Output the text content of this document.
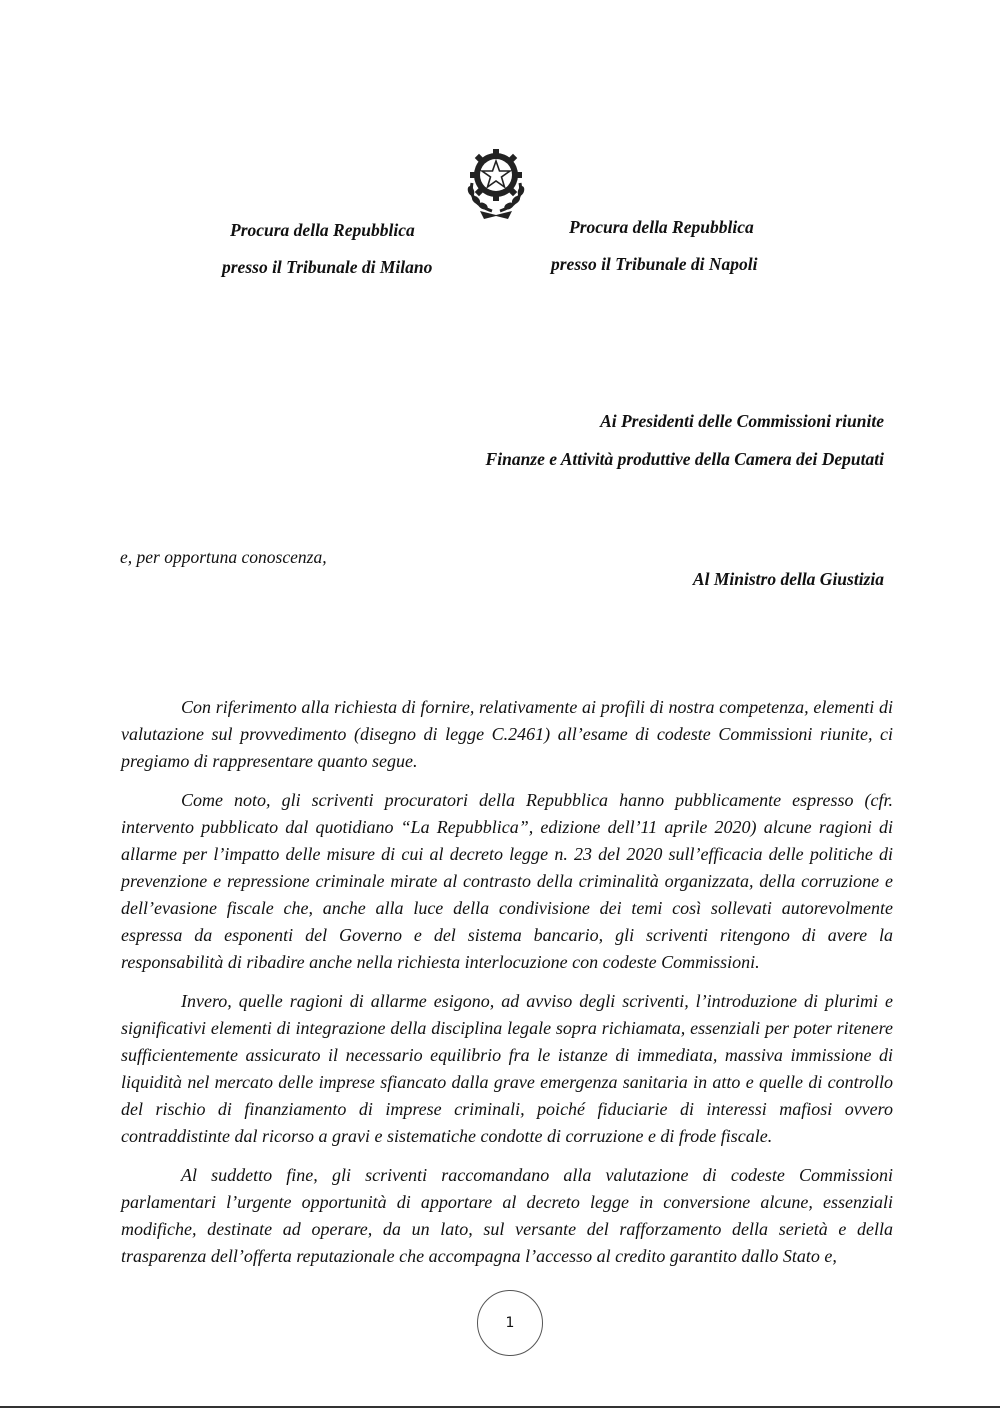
Procura della Repubblica
presso il Tribunale di Milano
Procura della Repubblica
presso il Tribunale di Napoli
Ai Presidenti delle Commissioni riunite
Finanze e Attività produttive della Camera dei Deputati
e, per opportuna conoscenza,
Al Ministro della Giustizia

Con riferimento alla richiesta di fornire, relativamente ai profili di nostra competenza, elementi di valutazione sul provvedimento (disegno di legge C.2461) all’esame di codeste Commissioni riunite, ci pregiamo di rappresentare quanto segue.

Come noto, gli scriventi procuratori della Repubblica hanno pubblicamente espresso (cfr. intervento pubblicato dal quotidiano “La Repubblica”, edizione dell’11 aprile 2020) alcune ragioni di allarme per l’impatto delle misure di cui al decreto legge n. 23 del 2020 sull’efficacia delle politiche di prevenzione e repressione criminale mirate al contrasto della criminalità organizzata, della corruzione e dell’evasione fiscale che, anche alla luce della condivisione dei temi così sollevati autorevolmente espressa da esponenti del Governo e del sistema bancario, gli scriventi ritengono di avere la responsabilità di ribadire anche nella richiesta interlocuzione con codeste Commissioni.

Invero, quelle ragioni di allarme esigono, ad avviso degli scriventi, l’introduzione di plurimi e significativi elementi di integrazione della disciplina legale sopra richiamata, essenziali per poter ritenere sufficientemente assicurato il necessario equilibrio fra le istanze di immediata, massiva immissione di liquidità nel mercato delle imprese sfiancato dalla grave emergenza sanitaria in atto e quelle di controllo del rischio di finanziamento di imprese criminali, poiché fiduciarie di interessi mafiosi ovvero contraddistinte dal ricorso a gravi e sistematiche condotte di corruzione e di frode fiscale.

Al suddetto fine, gli scriventi raccomandano alla valutazione di codeste Commissioni parlamentari l’urgente opportunità di apportare al decreto legge in conversione alcune, essenziali modifiche, destinate ad operare, da un lato, sul versante del rafforzamento della serietà e della trasparenza dell’offerta reputazionale che accompagna l’accesso al credito garantito dallo Stato e,

1
